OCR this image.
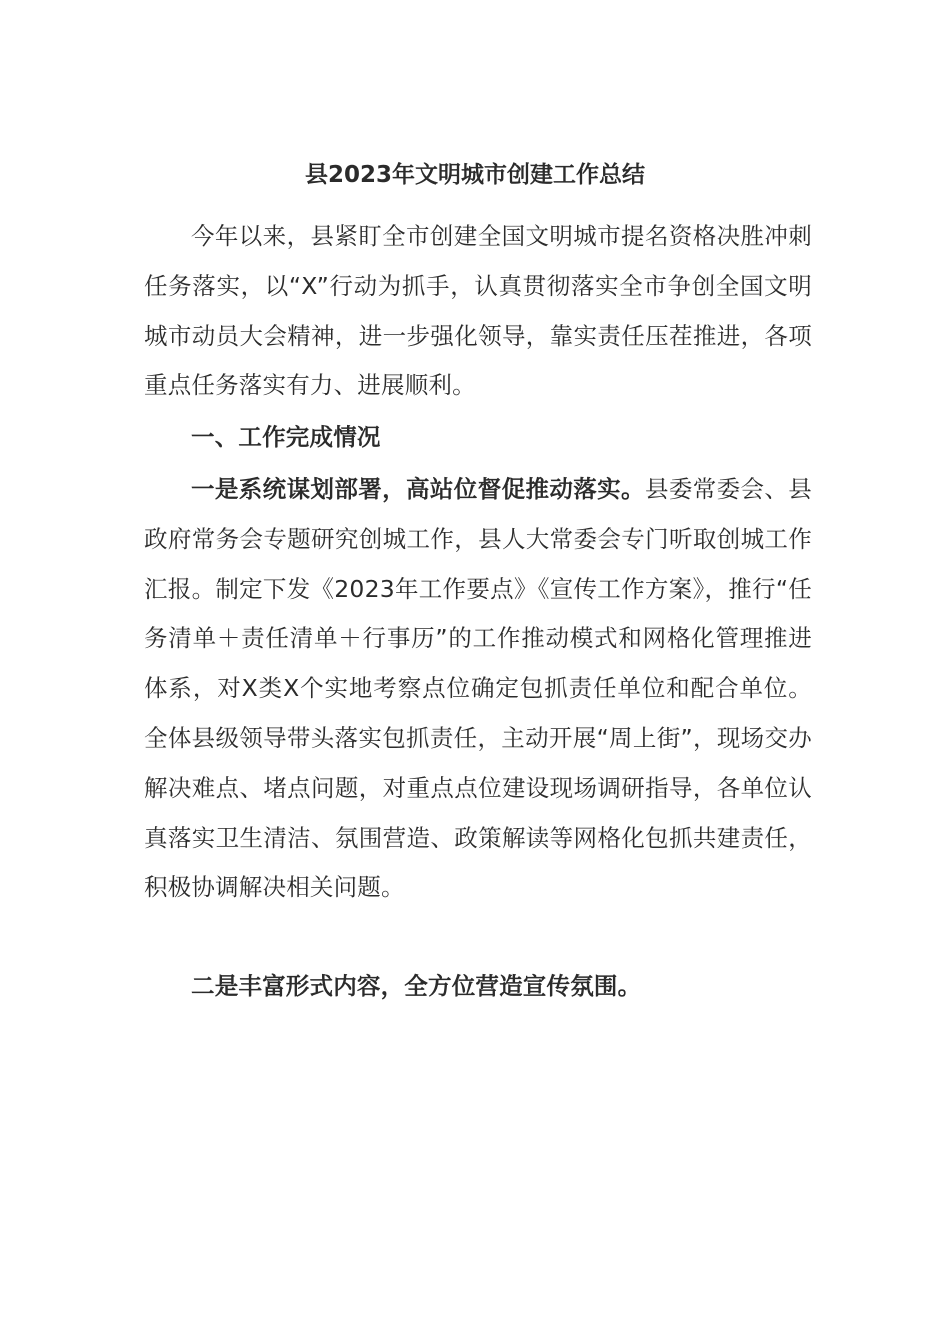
县2023年文明城市创建工作总结

今年以来，县紧盯全市创建全国文明城市提名资格决胜冲刺任务落实，以“X”行动为抓手，认真贯彻落实全市争创全国文明城市动员大会精神，进一步强化领导，靠实责任压茬推进，各项重点任务落实有力、进展顺利。

一、工作完成情况

一是系统谋划部署，高站位督促推动落实。县委常委会、县政府常务会专题研究创城工作，县人大常委会专门听取创城工作汇报。制定下发《2023年工作要点》《宣传工作方案》，推行“任务清单＋责任清单＋行事历”的工作推动模式和网格化管理推进体系，对X类X个实地考察点位确定包抓责任单位和配合单位。全体县级领导带头落实包抓责任，主动开展“周上街”，现场交办解决难点、堵点问题，对重点点位建设现场调研指导，各单位认真落实卫生清洁、氛围营造、政策解读等网格化包抓共建责任，积极协调解决相关问题。

二是丰富形式内容，全方位营造宣传氛围。
